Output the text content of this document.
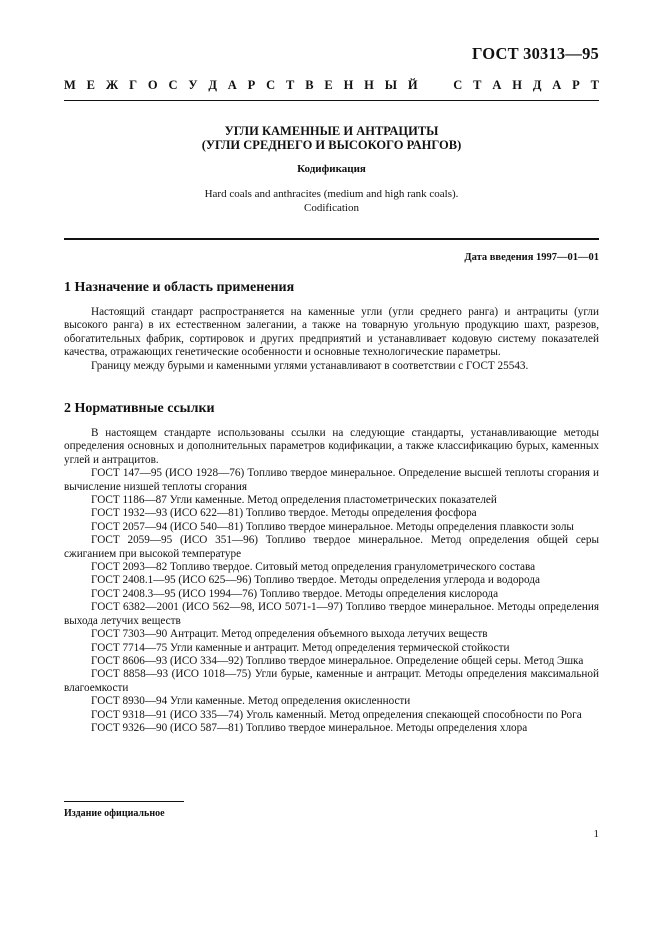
ГОСТ 30313—95
М Е Ж Г О С У Д А Р С Т В Е Н Н Ы Й	С Т А Н Д А Р Т
УГЛИ КАМЕННЫЕ И АНТРАЦИТЫ
(УГЛИ СРЕДНЕГО И ВЫСОКОГО РАНГОВ)
Кодификация
Hard coals and anthracites (medium and high rank coals).
Codification
Дата введения 1997—01—01
1 Назначение и область применения

Настоящий стандарт распространяется на каменные угли (угли среднего ранга) и антрациты (угли высокого ранга) в их естественном залегании, а также на товарную угольную продукцию шахт, разрезов, обогатительных фабрик, сортировок и других предприятий и устанавливает кодовую систему показателей качества, отражающих генетические особенности и основные технологические параметры.

Границу между бурыми и каменными углями устанавливают в соответствии с ГОСТ 25543.

2 Нормативные ссылки

В настоящем стандарте использованы ссылки на следующие стандарты, устанавливающие методы определения основных и дополнительных параметров кодификации, а также классификацию бурых, каменных углей и антрацитов.

ГОСТ 147—95 (ИСО 1928—76) Топливо твердое минеральное. Определение высшей теплоты сгорания и вычисление низшей теплоты сгорания

ГОСТ 1186—87 Угли каменные. Метод определения пластометрических показателей

ГОСТ 1932—93 (ИСО 622—81) Топливо твердое. Методы определения фосфора

ГОСТ 2057—94 (ИСО 540—81) Топливо твердое минеральное. Методы определения плавкости золы

ГОСТ 2059—95 (ИСО 351—96) Топливо твердое минеральное. Метод определения общей серы сжиганием при высокой температуре

ГОСТ 2093—82 Топливо твердое. Ситовый метод определения гранулометрического состава

ГОСТ 2408.1—95 (ИСО 625—96) Топливо твердое. Методы определения углерода и водорода

ГОСТ 2408.3—95 (ИСО 1994—76) Топливо твердое. Методы определения кислорода

ГОСТ 6382—2001 (ИСО 562—98, ИСО 5071-1—97) Топливо твердое минеральное. Методы определения выхода летучих веществ

ГОСТ 7303—90 Антрацит. Метод определения объемного выхода летучих веществ

ГОСТ 7714—75 Угли каменные и антрацит. Метод определения термической стойкости

ГОСТ 8606—93 (ИСО 334—92) Топливо твердое минеральное. Определение общей серы. Метод Эшка

ГОСТ 8858—93 (ИСО 1018—75) Угли бурые, каменные и антрацит. Методы определения максимальной влагоемкости

ГОСТ 8930—94 Угли каменные. Метод определения окисленности

ГОСТ 9318—91 (ИСО 335—74) Уголь каменный. Метод определения спекающей способности по Рога

ГОСТ 9326—90 (ИСО 587—81) Топливо твердое минеральное. Методы определения хлора

Издание официальное
1
